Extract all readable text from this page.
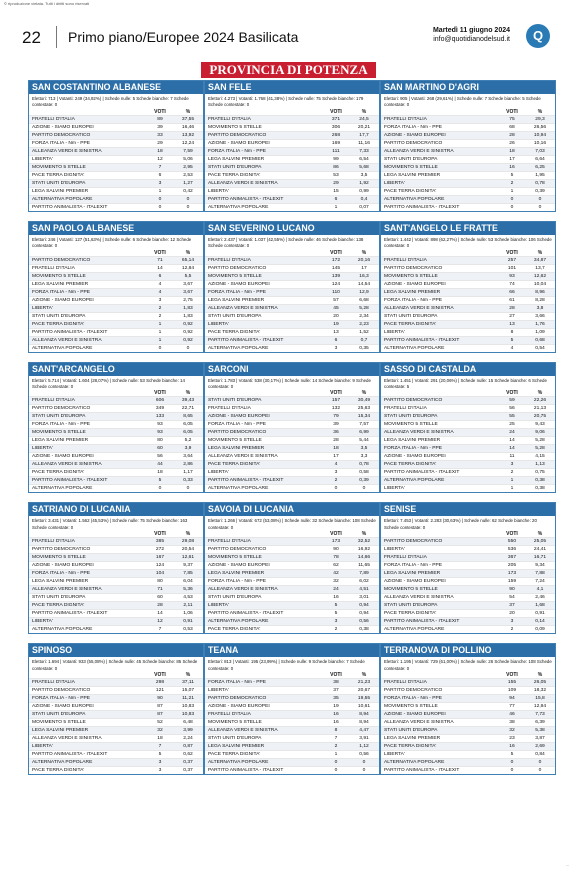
© riproduzione vietata. Tutti i diritti sono riservati
22 Primo piano/Europee 2024 Basilicata	Martedì 11 giugno 2024
info@quotidianodelsud.it	Q
PROVINCIA DI POTENZA
SAN COSTANTINO ALBANESE
Elettori: 713 | Votanti: 249 (34,92%) | Schede nulle: 5 Schede bianche: 7 Schede contestate: 0
	VOTI	%
FRATELLI D'ITALIA	89	37,55
AZIONE - SIAMO EUROPEI	39	16,46
PARTITO DEMOCRATICO	33	13,92
FORZA ITALIA - Nm - PPE	29	12,24
ALLEANZA VERDI E SINISTRA	18	7,59
LIBERTA'	12	5,06
MOVIMENTO 5 STELLE	7	2,95
PACE TERRA DIGNITA'	6	2,53
STATI UNITI D'EUROPA	3	1,27
LEGA SALVINI PREMIER	1	0,42
ALTERNATIVA POPOLARE	0	0
PARTITO ANIMALISTA - ITALEXIT	0	0
SAN FELE
Elettori: 4.273 | Votanti: 1.768 (41,38%) | Schede nulle: 75 Schede bianche: 179 Schede contestate: 0
	VOTI	%
FRATELLI D'ITALIA	371	24,5
MOVIMENTO 5 STELLE	306	20,21
PARTITO DEMOCRATICO	268	17,7
AZIONE - SIAMO EUROPEI	169	11,16
FORZA ITALIA - Nm - PPE	111	7,33
LEGA SALVINI PREMIER	99	6,54
STATI UNITI D'EUROPA	86	5,68
PACE TERRA DIGNITA'	53	3,5
ALLEANZA VERDI E SINISTRA	29	1,92
LIBERTA'	15	0,99
PARTITO ANIMALISTA - ITALEXIT	6	0,4
ALTERNATIVA POPOLARE	1	0,07
SAN MARTINO D'AGRI
Elettori: 905 | Votanti: 268 (29,61%) | Schede nulle: 7 Schede bianche: 5 Schede contestate: 0
	VOTI	%
FRATELLI D'ITALIA	75	29,3
FORZA ITALIA - Nm - PPE	68	26,56
AZIONE - SIAMO EUROPEI	28	10,94
PARTITO DEMOCRATICO	26	10,16
ALLEANZA VERDI E SINISTRA	18	7,03
STATI UNITI D'EUROPA	17	6,64
MOVIMENTO 5 STELLE	16	6,25
LEGA SALVINI PREMIER	5	1,95
LIBERTA'	2	0,78
PACE TERRA DIGNITA'	1	0,39
ALTERNATIVA POPOLARE	0	0
PARTITO ANIMALISTA - ITALEXIT	0	0
SAN PAOLO ALBANESE
Elettori: 246 | Votanti: 127 (51,63%) | Schede nulle: 6 Schede bianche: 12 Schede contestate: 0
	VOTI	%
PARTITO DEMOCRATICO	71	65,14
FRATELLI D'ITALIA	14	12,84
MOVIMENTO 5 STELLE	6	5,5
LEGA SALVINI PREMIER	4	3,67
FORZA ITALIA - Nm - PPE	4	3,67
AZIONE - SIAMO EUROPEI	3	2,75
LIBERTA'	2	1,83
STATI UNITI D'EUROPA	2	1,83
PACE TERRA DIGNITA'	1	0,92
PARTITO ANIMALISTA - ITALEXIT	1	0,92
ALLEANZA VERDI E SINISTRA	1	0,92
ALTERNATIVA POPOLARE	0	0
SAN SEVERINO LUCANO
Elettori: 2.437 | Votanti: 1.037 (42,55%) | Schede nulle: 46 Schede bianche: 138 Schede contestate: 0
	VOTI	%
FRATELLI D'ITALIA	172	20,16
PARTITO DEMOCRATICO	145	17
MOVIMENTO 5 STELLE	139	16,3
AZIONE - SIAMO EUROPEI	124	14,54
FORZA ITALIA - Nm - PPE	110	12,9
LEGA SALVINI PREMIER	57	6,68
ALLEANZA VERDI E SINISTRA	45	5,28
STATI UNITI D'EUROPA	20	2,34
LIBERTA'	19	2,23
PACE TERRA DIGNITA'	13	1,52
PARTITO ANIMALISTA - ITALEXIT	6	0,7
ALTERNATIVA POPOLARE	3	0,35
SANT'ANGELO LE FRATTE
Elettori: 1.442 | Votanti: 898 (62,27%) | Schede nulle: 53 Schede bianche: 106 Schede contestate: 0
	VOTI	%
FRATELLI D'ITALIA	257	34,87
PARTITO DEMOCRATICO	101	13,7
MOVIMENTO 5 STELLE	93	12,62
AZIONE - SIAMO EUROPEI	74	10,04
LEGA SALVINI PREMIER	66	8,96
FORZA ITALIA - Nm - PPE	61	8,28
ALLEANZA VERDI E SINISTRA	28	3,8
STATI UNITI D'EUROPA	27	3,66
PACE TERRA DIGNITA'	13	1,76
LIBERTA'	8	1,09
PARTITO ANIMALISTA - ITALEXIT	5	0,68
ALTERNATIVA POPOLARE	4	0,54
SANT'ARCANGELO
Elettori: 5.714 | Votanti: 1.604 (28,07%) | Schede nulle: 53 Schede bianche: 14 Schede contestate: 0
	VOTI	%
FRATELLI D'ITALIA	606	39,43
PARTITO DEMOCRATICO	349	22,71
STATI UNITI D'EUROPA	133	8,65
FORZA ITALIA - Nm - PPE	93	6,05
MOVIMENTO 5 STELLE	93	6,05
LEGA SALVINI PREMIER	80	5,2
LIBERTA'	60	3,9
AZIONE - SIAMO EUROPEI	56	3,64
ALLEANZA VERDI E SINISTRA	44	2,86
PACE TERRA DIGNITA'	18	1,17
PARTITO ANIMALISTA - ITALEXIT	5	0,33
ALTERNATIVA POPOLARE	0	0
SARCONI
Elettori: 1.783 | Votanti: 538 (30,17%) | Schede nulle: 14 Schede bianche: 9 Schede contestate: 0
	VOTI	%
STATI UNITI D'EUROPA	157	30,49
FRATELLI D'ITALIA	132	25,63
AZIONE - SIAMO EUROPEI	79	15,34
FORZA ITALIA - Nm - PPE	39	7,57
PARTITO DEMOCRATICO	36	6,99
MOVIMENTO 5 STELLE	28	5,44
LEGA SALVINI PREMIER	18	3,5
ALLEANZA VERDI E SINISTRA	17	3,3
PACE TERRA DIGNITA'	4	0,78
LIBERTA'	3	0,58
PARTITO ANIMALISTA - ITALEXIT	2	0,39
ALTERNATIVA POPOLARE	0	0
SASSO DI CASTALDA
Elettori: 1.451 | Votanti: 291 (20,06%) | Schede nulle: 15 Schede bianche: 6 Schede contestate: 5
	VOTI	%
PARTITO DEMOCRATICO	59	22,26
FRATELLI D'ITALIA	56	21,13
STATI UNITI D'EUROPA	55	20,75
MOVIMENTO 5 STELLE	25	9,43
ALLEANZA VERDI E SINISTRA	24	9,06
LEGA SALVINI PREMIER	14	5,28
FORZA ITALIA - Nm - PPE	14	5,28
AZIONE - SIAMO EUROPEI	11	4,15
PACE TERRA DIGNITA'	3	1,13
PARTITO ANIMALISTA - ITALEXIT	2	0,75
ALTERNATIVA POPOLARE	1	0,38
LIBERTA'	1	0,38
SATRIANO DI LUCANIA
Elettori: 3.431 | Votanti: 1.562 (45,53%) | Schede nulle: 75 Schede bianche: 163 Schede contestate: 0
	VOTI	%
FRATELLI D'ITALIA	385	29,08
PARTITO DEMOCRATICO	272	20,54
MOVIMENTO 5 STELLE	167	12,61
AZIONE - SIAMO EUROPEI	124	9,37
FORZA ITALIA - Nm - PPE	104	7,85
LEGA SALVINI PREMIER	80	6,04
ALLEANZA VERDI E SINISTRA	71	5,36
STATI UNITI D'EUROPA	60	4,53
PACE TERRA DIGNITA'	28	2,11
PARTITO ANIMALISTA - ITALEXIT	14	1,06
LIBERTA'	12	0,91
ALTERNATIVA POPOLARE	7	0,53
SAVOIA DI LUCANIA
Elettori: 1.266 | Votanti: 672 (53,08%) | Schede nulle: 32 Schede bianche: 108 Schede contestate: 0
	VOTI	%
FRATELLI D'ITALIA	173	32,52
PARTITO DEMOCRATICO	90	16,92
MOVIMENTO 5 STELLE	78	14,66
AZIONE - SIAMO EUROPEI	62	11,65
LEGA SALVINI PREMIER	42	7,89
FORZA ITALIA - Nm - PPE	32	6,02
ALLEANZA VERDI E SINISTRA	24	4,51
STATI UNITI D'EUROPA	16	3,01
LIBERTA'	5	0,94
PARTITO ANIMALISTA - ITALEXIT	5	0,94
ALTERNATIVA POPOLARE	3	0,56
PACE TERRA DIGNITA'	2	0,38
SENISE
Elettori: 7.453 | Votanti: 2.283 (30,63%) | Schede nulle: 62 Schede bianche: 20 Schede contestate: 0
	VOTI	%
PARTITO DEMOCRATICO	550	25,05
LIBERTA'	536	24,41
FRATELLI D'ITALIA	367	16,71
FORZA ITALIA - Nm - PPE	205	9,34
LEGA SALVINI PREMIER	173	7,88
AZIONE - SIAMO EUROPEI	159	7,24
MOVIMENTO 5 STELLE	90	4,1
ALLEANZA VERDI E SINISTRA	54	2,46
STATI UNITI D'EUROPA	37	1,68
PACE TERRA DIGNITA'	20	0,91
PARTITO ANIMALISTA - ITALEXIT	3	0,14
ALTERNATIVA POPOLARE	2	0,09
SPINOSO
Elettori: 1.694 | Votanti: 933 (55,08%) | Schede nulle: 45 Schede bianche: 85 Schede contestate: 0
	VOTI	%
FRATELLI D'ITALIA	298	37,11
PARTITO DEMOCRATICO	121	15,07
FORZA ITALIA - Nm - PPE	90	11,21
AZIONE - SIAMO EUROPEI	87	10,83
STATI UNITI D'EUROPA	87	10,83
MOVIMENTO 5 STELLE	52	6,48
LEGA SALVINI PREMIER	32	3,99
ALLEANZA VERDI E SINISTRA	18	2,24
LIBERTA'	7	0,87
PARTITO ANIMALISTA - ITALEXIT	5	0,62
ALTERNATIVA POPOLARE	3	0,37
PACE TERRA DIGNITA'	3	0,37
TEANA
Elettori: 813 | Votanti: 195 (23,99%) | Schede nulle: 9 Schede bianche: 7 Schede contestate: 0
	VOTI	%
FORZA ITALIA - Nm - PPE	38	21,23
LIBERTA'	37	20,67
PARTITO DEMOCRATICO	35	19,55
AZIONE - SIAMO EUROPEI	19	10,61
FRATELLI D'ITALIA	16	8,94
MOVIMENTO 5 STELLE	16	8,94
ALLEANZA VERDI E SINISTRA	8	4,47
STATI UNITI D'EUROPA	7	3,91
LEGA SALVINI PREMIER	2	1,12
PACE TERRA DIGNITA'	1	0,56
ALTERNATIVA POPOLARE	0	0
PARTITO ANIMALISTA - ITALEXIT	0	0
TERRANOVA DI POLLINO
Elettori: 1.195 | Votanti: 729 (61,00%) | Schede nulle: 26 Schede bianche: 108 Schede contestate: 0
	VOTI	%
FRATELLI D'ITALIA	155	26,05
PARTITO DEMOCRATICO	109	18,32
FORZA ITALIA - Nm - PPE	94	15,8
MOVIMENTO 5 STELLE	77	12,94
AZIONE - SIAMO EUROPEI	46	7,73
ALLEANZA VERDI E SINISTRA	38	6,39
STATI UNITI D'EUROPA	32	5,38
LEGA SALVINI PREMIER	23	3,87
PACE TERRA DIGNITA'	16	2,69
LIBERTA'	5	0,84
ALTERNATIVA POPOLARE	0	0
PARTITO ANIMALISTA - ITALEXIT	0	0
...
